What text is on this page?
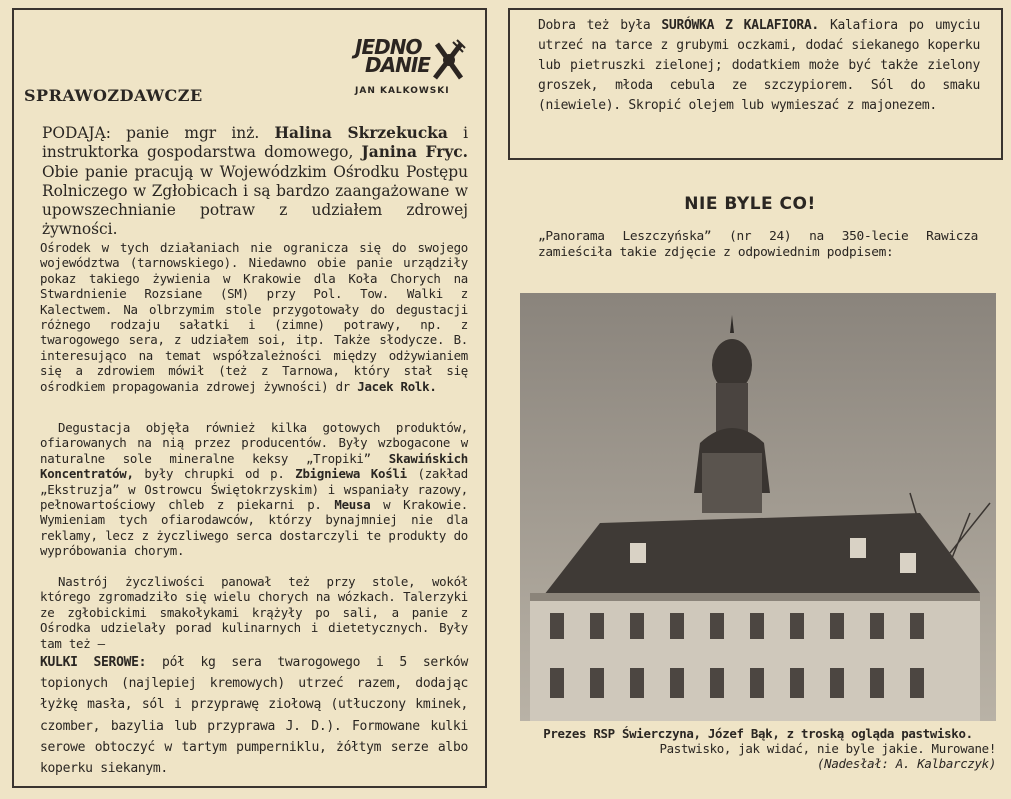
JEDNO
DANIE
JAN KALKOWSKI
SPRAWOZDAWCZE

PODAJĄ: panie mgr inż. Halina Skrzekucka i instruktorka gospodarstwa domowego, Janina Fryc. Obie panie pracują w Wojewódzkim Ośrodku Postępu Rolniczego w Zgłobicach i są bardzo zaangażowane w upowszechnianie potraw z udziałem zdrowej żywności.

Ośrodek w tych działaniach nie ogranicza się do swojego województwa (tarnowskiego). Niedawno obie panie urządziły pokaz takiego żywienia w Krakowie dla Koła Chorych na Stwardnienie Rozsiane (SM) przy Pol. Tow. Walki z Kalectwem. Na olbrzymim stole przygotowały do degustacji różnego rodzaju sałatki i (zimne) potrawy, np. z twarogowego sera, z udziałem soi, itp. Także słodycze. B. interesująco na temat współzależności między odżywianiem się a zdrowiem mówił (też z Tarnowa, który stał się ośrodkiem propagowania zdrowej żywności) dr Jacek Rolk.

Degustacja objęła również kilka gotowych produktów, ofiarowanych na nią przez producentów. Były wzbogacone w naturalne sole mineralne keksy „Tropiki” Skawińskich Koncentratów, były chrupki od p. Zbigniewa Kośli (zakład „Ekstruzja” w Ostrowcu Świętokrzyskim) i wspaniały razowy, pełnowartościowy chleb z piekarni p. Meusa w Krakowie. Wymieniam tych ofiarodawców, którzy bynajmniej nie dla reklamy, lecz z życzliwego serca dostarczyli te produkty do wypróbowania chorym.

Nastrój życzliwości panował też przy stole, wokół którego zgromadziło się wielu chorych na wózkach. Talerzyki ze zgłobickimi smakołykami krążyły po sali, a panie z Ośrodka udzielały porad kulinarnych i dietetycznych. Były tam też —

KULKI SEROWE: pół kg sera twarogowego i 5 serków topionych (najlepiej kremowych) utrzeć razem, dodając łyżkę masła, sól i przyprawę ziołową (utłuczony kminek, czomber, bazylia lub przyprawa J. D.). Formowane kulki serowe obtoczyć w tartym pumperniklu, żółtym serze albo koperku siekanym.

Dobra też była SURÓWKA Z KALAFIORA. Kalafiora po umyciu utrzeć na tarce z grubymi oczkami, dodać siekanego koperku lub pietruszki zielonej; dodatkiem może być także zielony groszek, młoda cebula ze szczypiorem. Sól do smaku (niewiele). Skropić olejem lub wymieszać z majonezem.

NIE BYLE CO!

„Panorama Leszczyńska” (nr 24) na 350-lecie Rawicza zamieściła takie zdjęcie z odpowiednim podpisem:

Prezes RSP Świerczyna, Józef Bąk, z troską ogląda pastwisko.
Pastwisko, jak widać, nie byle jakie. Murowane!
(Nadesłał: A. Kalbarczyk)
